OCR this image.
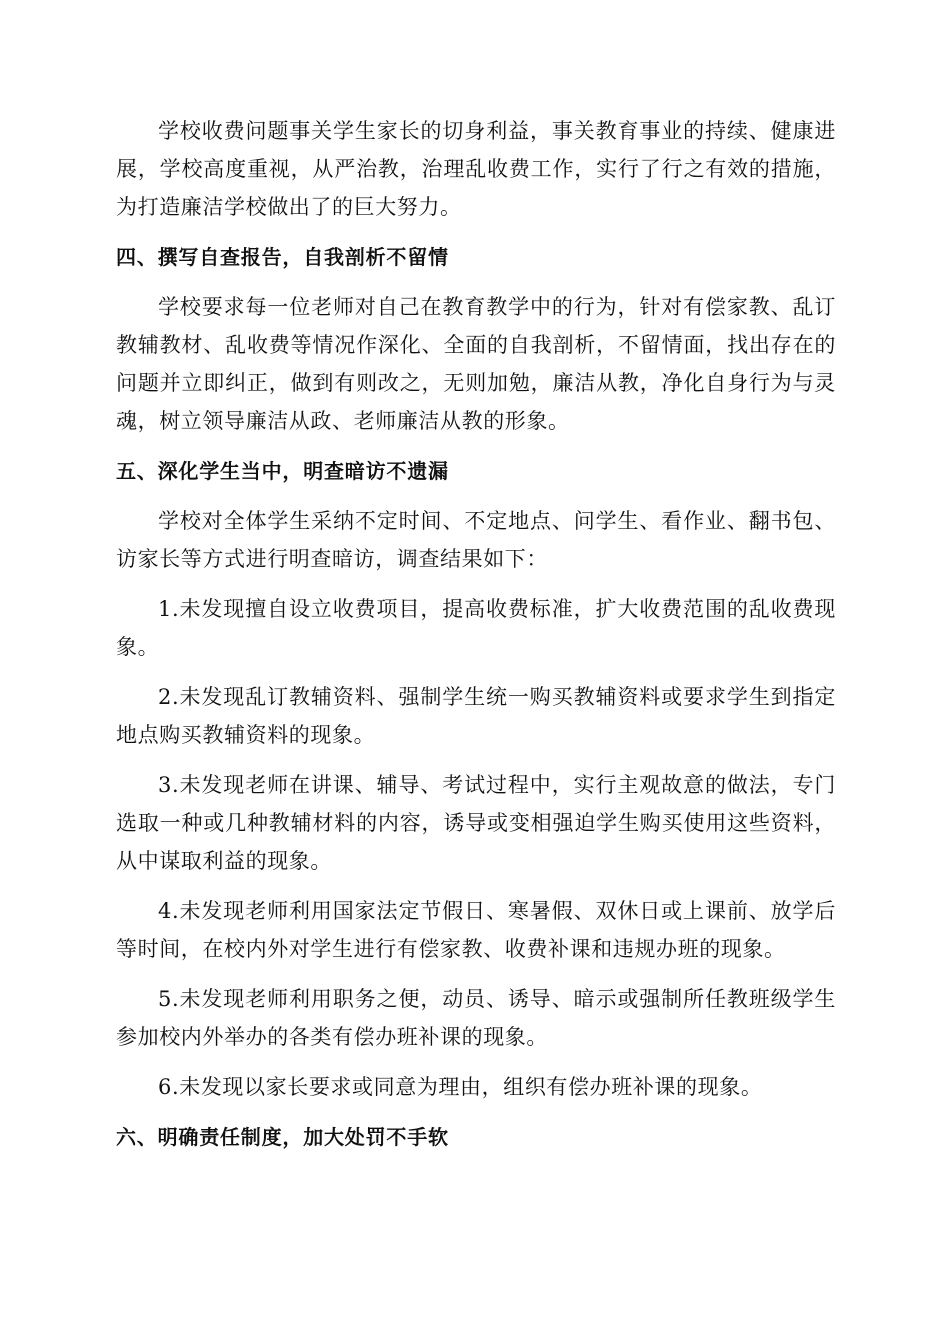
学校收费问题事关学生家长的切身利益，事关教育事业的持续、健康进展，学校高度重视，从严治教，治理乱收费工作，实行了行之有效的措施，为打造廉洁学校做出了的巨大努力。

四、撰写自查报告，自我剖析不留情

学校要求每一位老师对自己在教育教学中的行为，针对有偿家教、乱订教辅教材、乱收费等情况作深化、全面的自我剖析，不留情面，找出存在的问题并立即纠正，做到有则改之，无则加勉，廉洁从教，净化自身行为与灵魂，树立领导廉洁从政、老师廉洁从教的形象。

五、深化学生当中，明查暗访不遗漏

学校对全体学生采纳不定时间、不定地点、问学生、看作业、翻书包、访家长等方式进行明查暗访，调查结果如下：

1.未发现擅自设立收费项目，提高收费标准，扩大收费范围的乱收费现象。

2.未发现乱订教辅资料、强制学生统一购买教辅资料或要求学生到指定地点购买教辅资料的现象。

3.未发现老师在讲课、辅导、考试过程中，实行主观故意的做法，专门选取一种或几种教辅材料的内容，诱导或变相强迫学生购买使用这些资料，从中谋取利益的现象。

4.未发现老师利用国家法定节假日、寒暑假、双休日或上课前、放学后等时间，在校内外对学生进行有偿家教、收费补课和违规办班的现象。

5.未发现老师利用职务之便，动员、诱导、暗示或强制所任教班级学生参加校内外举办的各类有偿办班补课的现象。

6.未发现以家长要求或同意为理由，组织有偿办班补课的现象。

六、明确责任制度，加大处罚不手软
